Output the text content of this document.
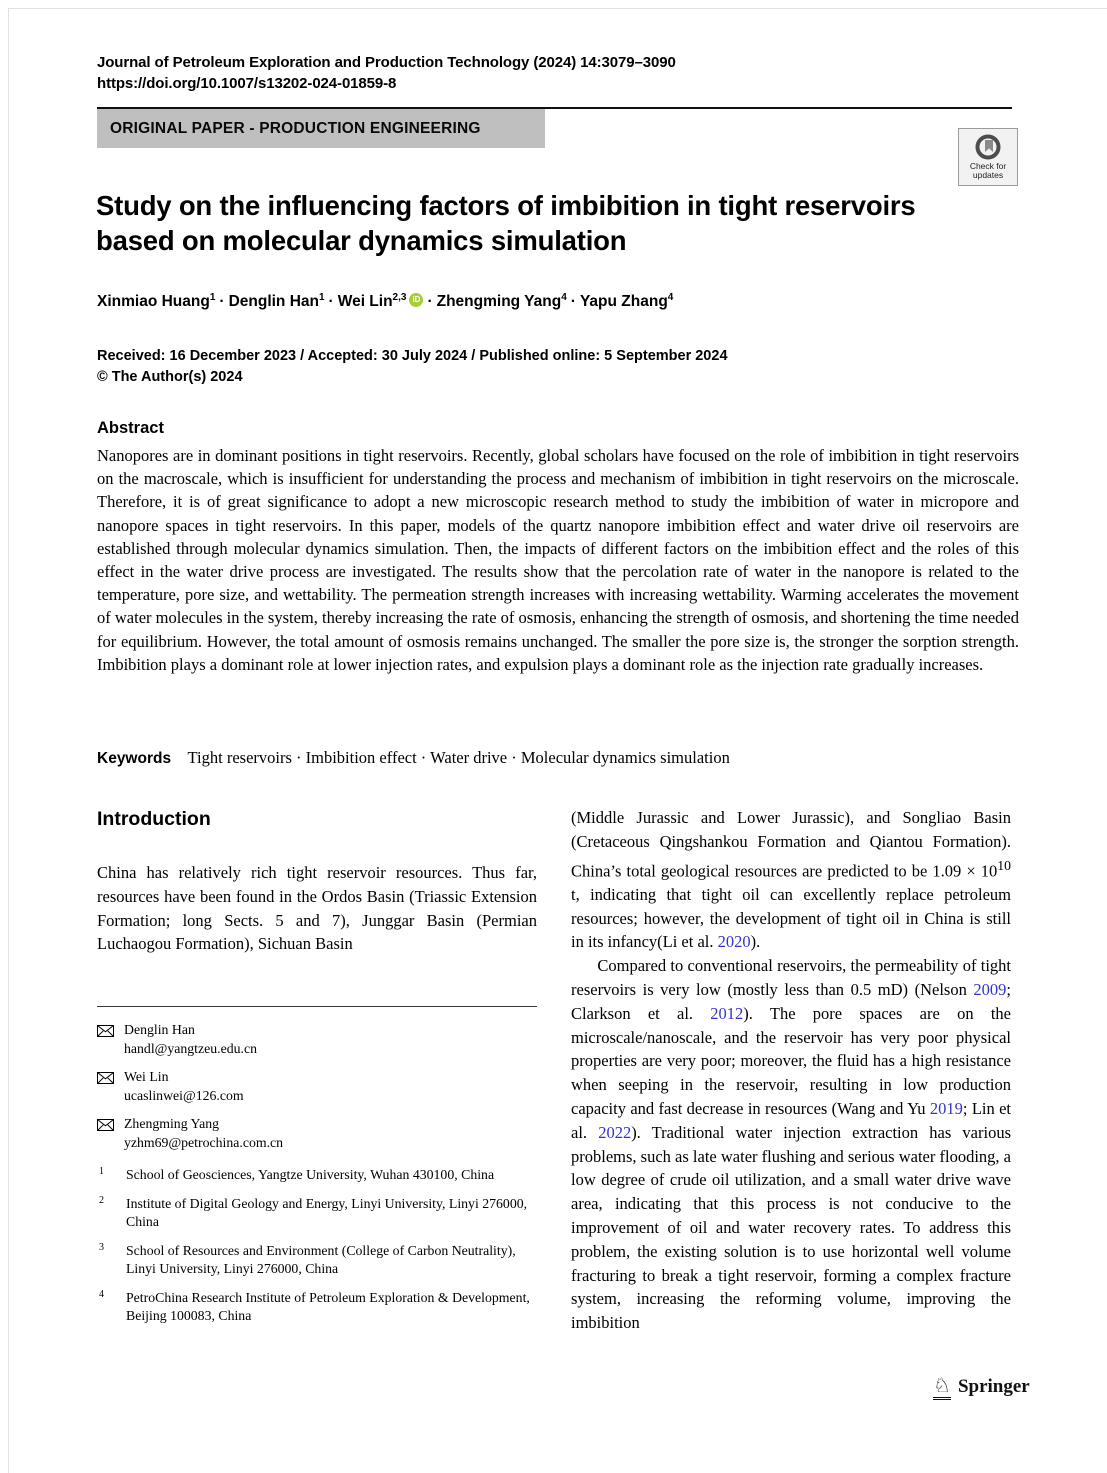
Journal of Petroleum Exploration and Production Technology (2024) 14:3079–3090
https://doi.org/10.1007/s13202-024-01859-8
ORIGINAL PAPER - PRODUCTION ENGINEERING
Check for
updates
Study on the influencing factors of imbibition in tight reservoirs based on molecular dynamics simulation
Xinmiao Huang$^1$ · Denglin Han$^1$ · Wei Lin$^{2,3}$ iD · Zhengming Yang$^4$ · Yapu Zhang$^4$
Received: 16 December 2023 / Accepted: 30 July 2024 / Published online: 5 September 2024
© The Author(s) 2024
Abstract

Nanopores are in dominant positions in tight reservoirs. Recently, global scholars have focused on the role of imbibition in tight reservoirs on the macroscale, which is insufficient for understanding the process and mechanism of imbibition in tight reservoirs on the microscale. Therefore, it is of great significance to adopt a new microscopic research method to study the imbibition of water in micropore and nanopore spaces in tight reservoirs. In this paper, models of the quartz nanopore imbibition effect and water drive oil reservoirs are established through molecular dynamics simulation. Then, the impacts of different factors on the imbibition effect and the roles of this effect in the water drive process are investigated. The results show that the percolation rate of water in the nanopore is related to the temperature, pore size, and wettability. The permeation strength increases with increasing wettability. Warming accelerates the movement of water molecules in the system, thereby increasing the rate of osmosis, enhancing the strength of osmosis, and shortening the time needed for equilibrium. However, the total amount of osmosis remains unchanged. The smaller the pore size is, the stronger the sorption strength. Imbibition plays a dominant role at lower injection rates, and expulsion plays a dominant role as the injection rate gradually increases.

Keywords Tight reservoirs · Imbibition effect · Water drive · Molecular dynamics simulation
Introduction

China has relatively rich tight reservoir resources. Thus far, resources have been found in the Ordos Basin (Triassic Extension Formation; long Sects. 5 and 7), Junggar Basin (Permian Luchaogou Formation), Sichuan Basin

Denglin Han
handl@yangtzeu.edu.cn
Wei Lin
ucaslinwei@126.com
Zhengming Yang
yzhm69@petrochina.com.cn
1	School of Geosciences, Yangtze University, Wuhan 430100, China
2	Institute of Digital Geology and Energy, Linyi University, Linyi 276000, China
3	School of Resources and Environment (College of Carbon Neutrality), Linyi University, Linyi 276000, China
4	PetroChina Research Institute of Petroleum Exploration & Development, Beijing 100083, China

(Middle Jurassic and Lower Jurassic), and Songliao Basin (Cretaceous Qingshankou Formation and Qiantou Formation). China’s total geological resources are predicted to be $1.09 \times 10^{10}$ t, indicating that tight oil can excellently replace petroleum resources; however, the development of tight oil in China is still in its infancy(Li et al. 2020).

Compared to conventional reservoirs, the permeability of tight reservoirs is very low (mostly less than 0.5 mD) (Nelson 2009; Clarkson et al. 2012). The pore spaces are on the microscale/nanoscale, and the reservoir has very poor physical properties are very poor; moreover, the fluid has a high resistance when seeping in the reservoir, resulting in low production capacity and fast decrease in resources (Wang and Yu 2019; Lin et al. 2022). Traditional water injection extraction has various problems, such as late water flushing and serious water flooding, a low degree of crude oil utilization, and a small water drive wave area, indicating that this process is not conducive to the improvement of oil and water recovery rates. To address this problem, the existing solution is to use horizontal well volume fracturing to break a tight reservoir, forming a complex fracture system, increasing the reforming volume, improving the imbibition

♘ Springer
